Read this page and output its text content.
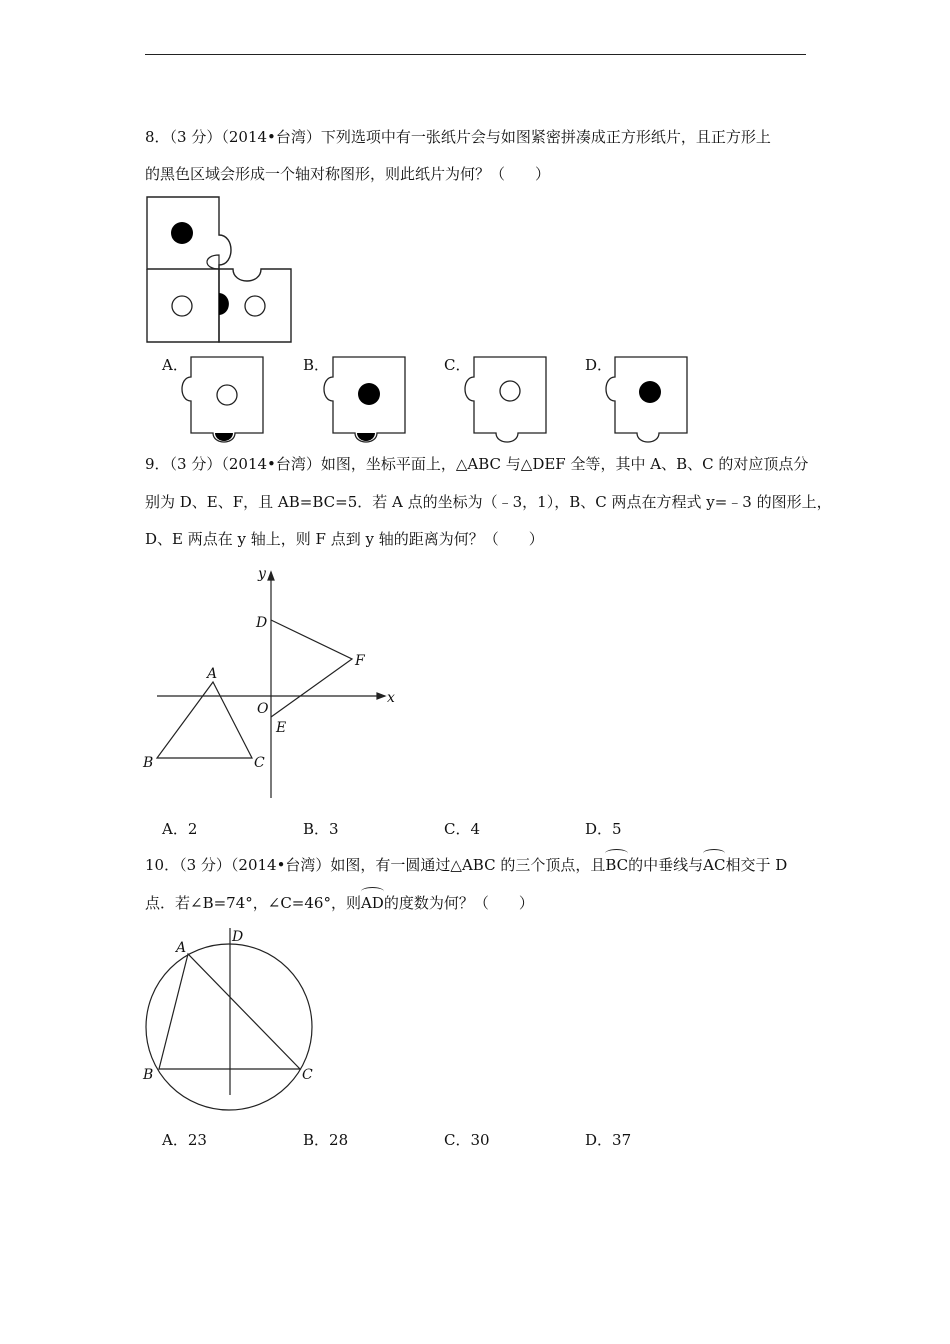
8．（3 分）（2014•台湾）下列选项中有一张纸片会与如图紧密拼凑成正方形纸片，且正方形上
的黑色区域会形成一个轴对称图形，则此纸片为何？（　　）
A．	B．	C．	D．
9．（3 分）（2014•台湾）如图，坐标平面上，△ABC 与△DEF 全等，其中 A、B、C 的对应顶点分
别为 D、E、F，且 AB=BC=5．若 A 点的坐标为（﹣3，1），B、C 两点在方程式 y=﹣3 的图形上，
D、E 两点在 y 轴上，则 F 点到 y 轴的距离为何？（　　）
y
x
O
A
B	C
D
E
F
A．2	B．3	C．4	D．5
10．（3 分）（2014•台湾）如图，有一圆通过△ABC 的三个顶点，且BC的中垂线与AC相交于 D
点．若∠B=74°，∠C=46°，则AD的度数为何？（　　）
A
B	C
D
A．23	B．28	C．30	D．37
